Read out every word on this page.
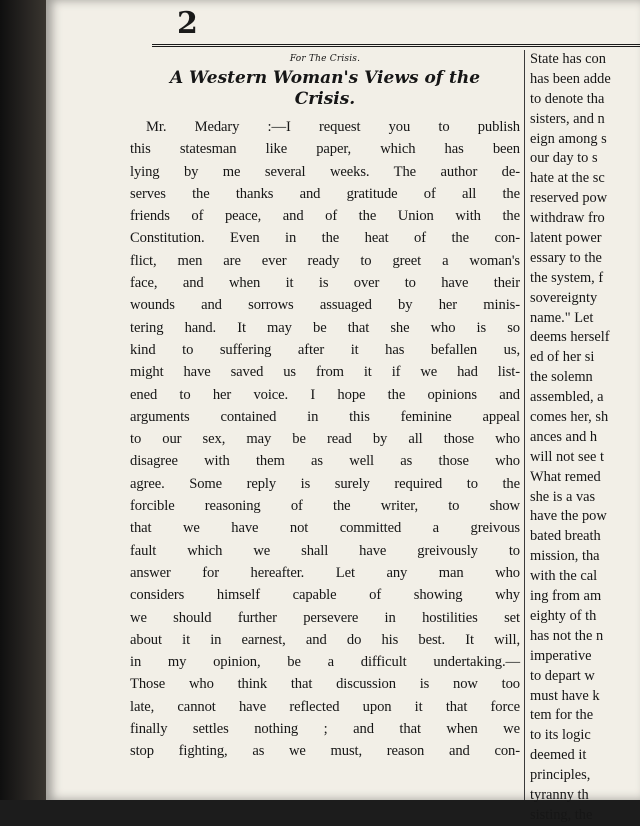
2

For The Crisis.

A Western Woman's Views of the
Crisis.
Mr. Medary :—I request you to publish
this statesman like paper, which has been
lying by me several weeks. The author de-
serves the thanks and gratitude of all the
friends of peace, and of the Union with the
Constitution. Even in the heat of the con-
flict, men are ever ready to greet a woman's
face, and when it is over to have their
wounds and sorrows assuaged by her minis-
tering hand. It may be that she who is so
kind to suffering after it has befallen us,
might have saved us from it if we had list-
ened to her voice. I hope the opinions and
arguments contained in this feminine appeal
to our sex, may be read by all those who
disagree with them as well as those who
agree. Some reply is surely required to the
forcible reasoning of the writer, to show
that we have not committed a greivous
fault which we shall have greivously to
answer for hereafter. Let any man who
considers himself capable of showing why
we should further persevere in hostilities set
about it in earnest, and do his best. It will,
in my opinion, be a difficult undertaking.—
Those who think that discussion is now too
late, cannot have reflected upon it that force
finally settles nothing ; and that when we
stop fighting, as we must, reason and con-
State has con
has been adde
to denote tha
sisters, and n
eign among s
our day to s
hate at the sc
reserved pow
withdraw fro
latent power
essary to the
the system, f
sovereignty
name." Let
deems herself
ed of her si
the solemn
assembled, a
comes her, sh
ances and h
will not see t
What remed
she is a vas
have the pow
bated breath
mission, tha
with the cal
ing from am
eighty of th
has not the n
imperative
to depart w
must have k
tem for the
to its logic
deemed it
principles,
tyranny th
sisting, the
